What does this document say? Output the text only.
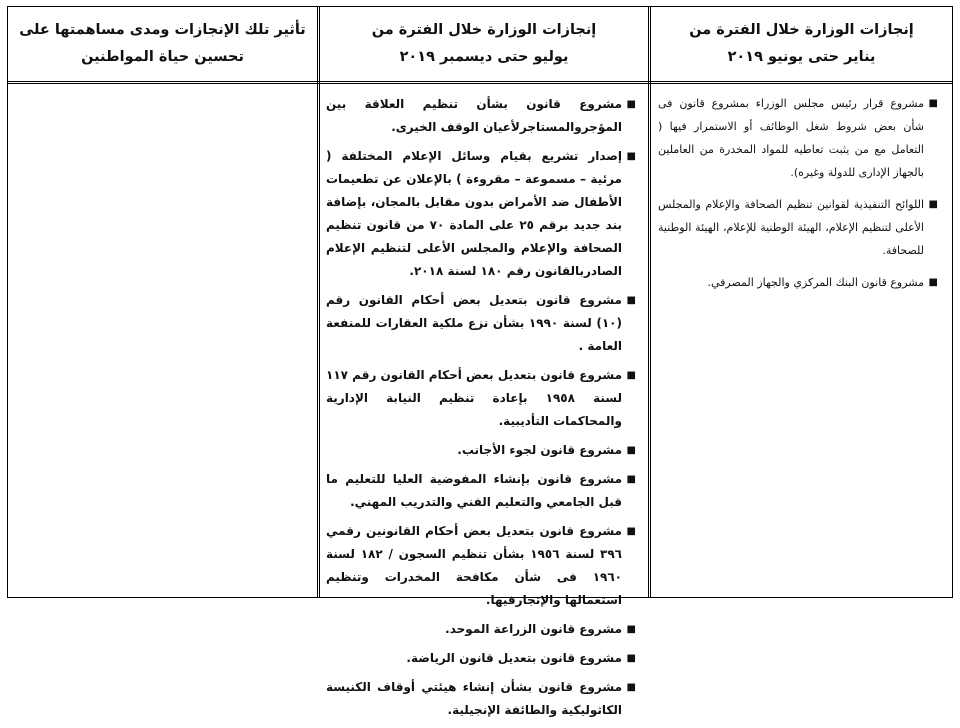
إنجازات الوزارة خلال الفترة من
يناير حتى يونيو ٢٠١٩
إنجازات الوزارة خلال الفترة من
يوليو حتى ديسمبر ٢٠١٩
تأثير تلك الإنجازات ومدى مساهمتها على
تحسين حياة المواطنين
■
مشروع قرار رئيس مجلس الوزراء بمشروع قانون فى شأن بعض شروط شغل الوظائف أو الاستمرار فيها ( التعامل مع من يثبت تعاطيه للمواد المخدرة من العاملين بالجهاز الإدارى للدولة وغيره).
■
اللوائح التنفيذية لقوانين تنظيم الصحافة والإعلام والمجلس الأعلى لتنظيم الإعلام، الهيئة الوطنية للإعلام، الهيئة الوطنية للصحافة.
■
مشروع قانون البنك المركزي والجهاز المصرفي.
■
مشروع قانون بشأن تنظيم العلاقة بين المؤجروالمستاجرلأعيان الوقف الخيرى.
■
إصدار تشريع بقيام وسائل الإعلام المختلفة ( مرئية – مسموعة – مقروءة ) بالإعلان عن تطعيمات الأطفال ضد الأمراض بدون مقابل بالمجان، بإضافة بند جديد برقم ٢٥ على المادة ٧٠ من قانون تنظيم الصحافة والإعلام والمجلس الأعلى لتنظيم الإعلام الصادربالقانون رقم ١٨٠ لسنة ٢٠١٨.
■
مشروع قانون بتعديل بعض أحكام القانون رقم (١٠) لسنة ١٩٩٠ بشأن نزع ملكية العقارات للمنفعة العامة .
■
مشروع قانون بتعديل بعض أحكام القانون رقم ١١٧ لسنة ١٩٥٨ بإعادة تنظيم النيابة الإدارية والمحاكمات التأديبية.
■
مشروع قانون لجوء الأجانب.
■
مشروع قانون بإنشاء المفوضية العليا للتعليم ما قبل الجامعي والتعليم الفني والتدريب المهني.
■
مشروع قانون بتعديل بعض أحكام القانونين رقمي ٣٩٦ لسنة ١٩٥٦ بشأن تنظيم السجون / ١٨٢ لسنة ١٩٦٠ فى شأن مكافحة المخدرات وتنظيم استعمالها والإتجارفيها.
■
مشروع قانون الزراعة الموحد.
■
مشروع قانون بتعديل قانون الرياضة.
■
مشروع قانون بشأن إنشاء هيئتي أوقاف الكنيسة الكاثوليكية والطائفة الإنجيلية.
